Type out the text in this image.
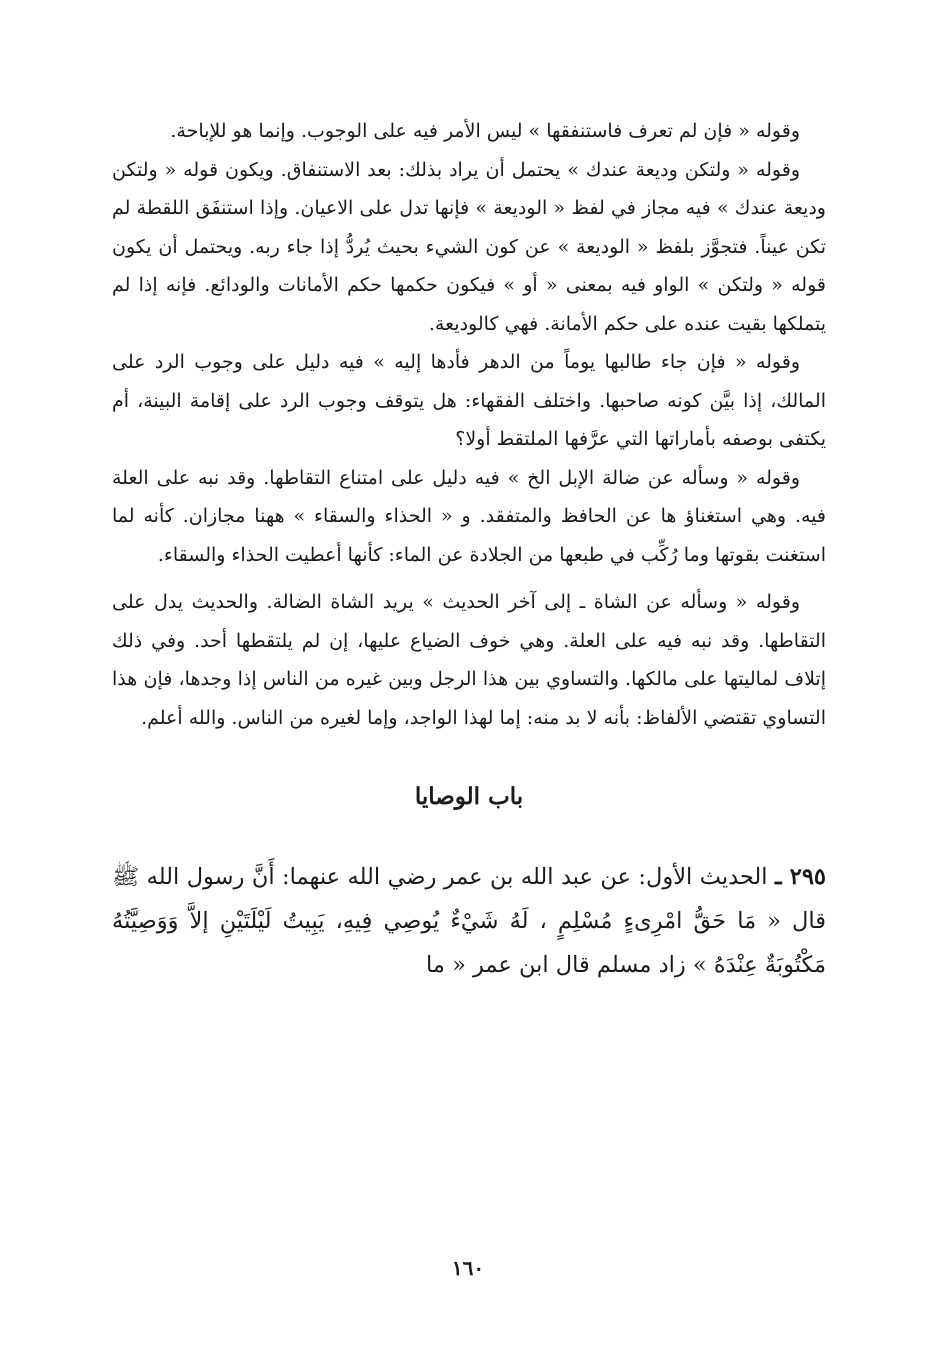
وقوله « فإن لم تعرف فاستنفقها » ليس الأمر فيه على الوجوب. وإنما هو للإباحة.

وقوله « ولتكن وديعة عندك » يحتمل أن يراد بذلك: بعد الاستنفاق. ويكون قوله « ولتكن وديعة عندك » فيه مجاز في لفظ « الوديعة » فإنها تدل على الاعيان. وإذا استنفَق اللقطة لم تكن عيناً. فتجوَّز بلفظ « الوديعة » عن كون الشيء بحيث يُردُّ إذا جاء ربه. ويحتمل أن يكون قوله « ولتكن » الواو فيه بمعنى « أو » فيكون حكمها حكم الأمانات والودائع. فإنه إذا لم يتملكها بقيت عنده على حكم الأمانة. فهي كالوديعة.

وقوله « فإن جاء طالبها يوماً من الدهر فأدها إليه » فيه دليل على وجوب الرد على المالك، إذا بيَّن كونه صاحبها. واختلف الفقهاء: هل يتوقف وجوب الرد على إقامة البينة، أم يكتفى بوصفه بأماراتها التي عرَّفها الملتقط أولا؟

وقوله « وسأله عن ضالة الإبل الخ » فيه دليل على امتناع التقاطها. وقد نبه على العلة فيه. وهي استغناؤ ها عن الحافظ والمتفقد. و « الحذاء والسقاء » ههنا مجازان. كأنه لما استغنت بقوتها وما رُكِّب في طبعها من الجلادة عن الماء: كأنها أعطيت الحذاء والسقاء.

وقوله « وسأله عن الشاة ـ إلى آخر الحديث » يريد الشاة الضالة. والحديث يدل على التقاطها. وقد نبه فيه على العلة. وهي خوف الضياع عليها، إن لم يلتقطها أحد. وفي ذلك إتلاف لماليتها على مالكها. والتساوي بين هذا الرجل وبين غيره من الناس إذا وجدها، فإن هذا التساوي تقتضي الألفاظ: بأنه لا بد منه: إما لهذا الواجد، وإما لغيره من الناس. والله أعلم.

باب الوصايا

٢٩٥ ـ الحديث الأول: عن عبد الله بن عمر رضي الله عنهما: أَنَّ رسول الله ﷺ قال « مَا حَقُّ امْرِىءٍ مُسْلِمٍ ، لَهُ شَيْءٌ يُوصِي فِيهِ، يَبِيتُ لَيْلَتَيْنِ إلاَّ وَوَصِيَّتُهُ مَكْتُوبَةٌ عِنْدَهُ » زاد مسلم قال ابن عمر « ما

١٦٠
